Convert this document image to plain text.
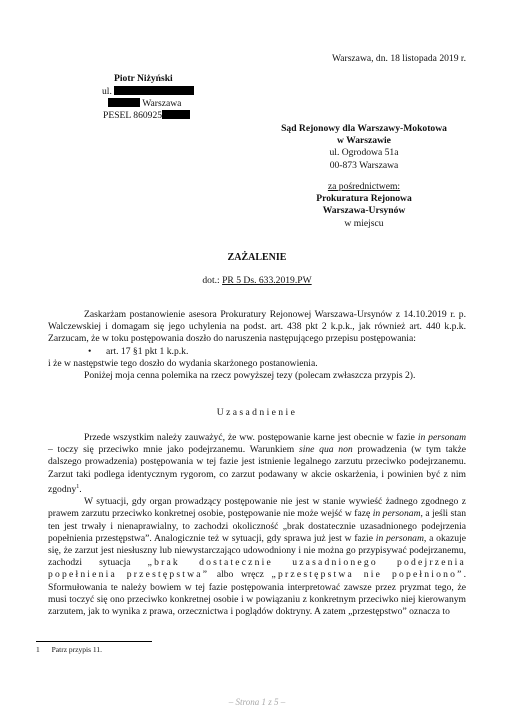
Warszawa, dn. 18 listopada 2019 r.
Piotr Niżyński
ul.
Warszawa
PESEL 860925
Sąd Rejonowy dla Warszawy-Mokotowa
w Warszawie
ul. Ogrodowa 51a
00-873 Warszawa
za pośrednictwem:
Prokuratura Rejonowa
Warszawa-Ursynów
w miejscu
ZAŻALENIE
dot.: PR 5 Ds. 633.2019.PW

Zaskarżam postanowienie asesora Prokuratury Rejonowej Warszawa-Ursynów z 14.10.2019 r. p. Walczewskiej i domagam się jego uchylenia na podst. art. 438 pkt 2 k.p.k., jak również art. 440 k.p.k. Zarzucam, że w toku postępowania doszło do naruszenia następującego przepisu postępowania:

• art. 17 §1 pkt 1 k.p.k.

i że w następstwie tego doszło do wydania skarżonego postanowienia.

Poniżej moja cenna polemika na rzecz powyższej tezy (polecam zwłaszcza przypis 2).

Uzasadnienie

Przede wszystkim należy zauważyć, że ww. postępowanie karne jest obecnie w fazie in personam – toczy się przeciwko mnie jako podejrzanemu. Warunkiem sine qua non prowadzenia (w tym także dalszego prowadzenia) postępowania w tej fazie jest istnienie legalnego zarzutu przeciwko podejrzanemu. Zarzut taki podlega identycznym rygorom, co zarzut podawany w akcie oskarżenia, i powinien być z nim zgodny$^1$.

W sytuacji, gdy organ prowadzący postępowanie nie jest w stanie wywieść żadnego zgodnego z prawem zarzutu przeciwko konkretnej osobie, postępowanie nie może wejść w fazę in personam, a jeśli stan ten jest trwały i nienaprawialny, to zachodzi okoliczność „brak dostatecznie uzasadnionego podejrzenia popełnienia przestępstwa”. Analogicznie też w sytuacji, gdy sprawa już jest w fazie in personam, a okazuje się, że zarzut jest niesłuszny lub niewystarczająco udowodniony i nie można go przypisywać podejrzanemu, zachodzi sytuacja „brak dostatecznie uzasadnionego podejrzenia popełnienia przestępstwa” albo wręcz „przestępstwa nie popełniono”. Sformułowania te należy bowiem w tej fazie postępowania interpretować zawsze przez pryzmat tego, że musi toczyć się ono przeciwko konkretnej osobie i w powiązaniu z konkretnym przeciwko niej kierowanym zarzutem, jak to wynika z prawa, orzecznictwa i poglądów doktryny. A zatem „przestępstwo” oznacza to

1 Patrz przypis 11.
– Strona 1 z 5 –
